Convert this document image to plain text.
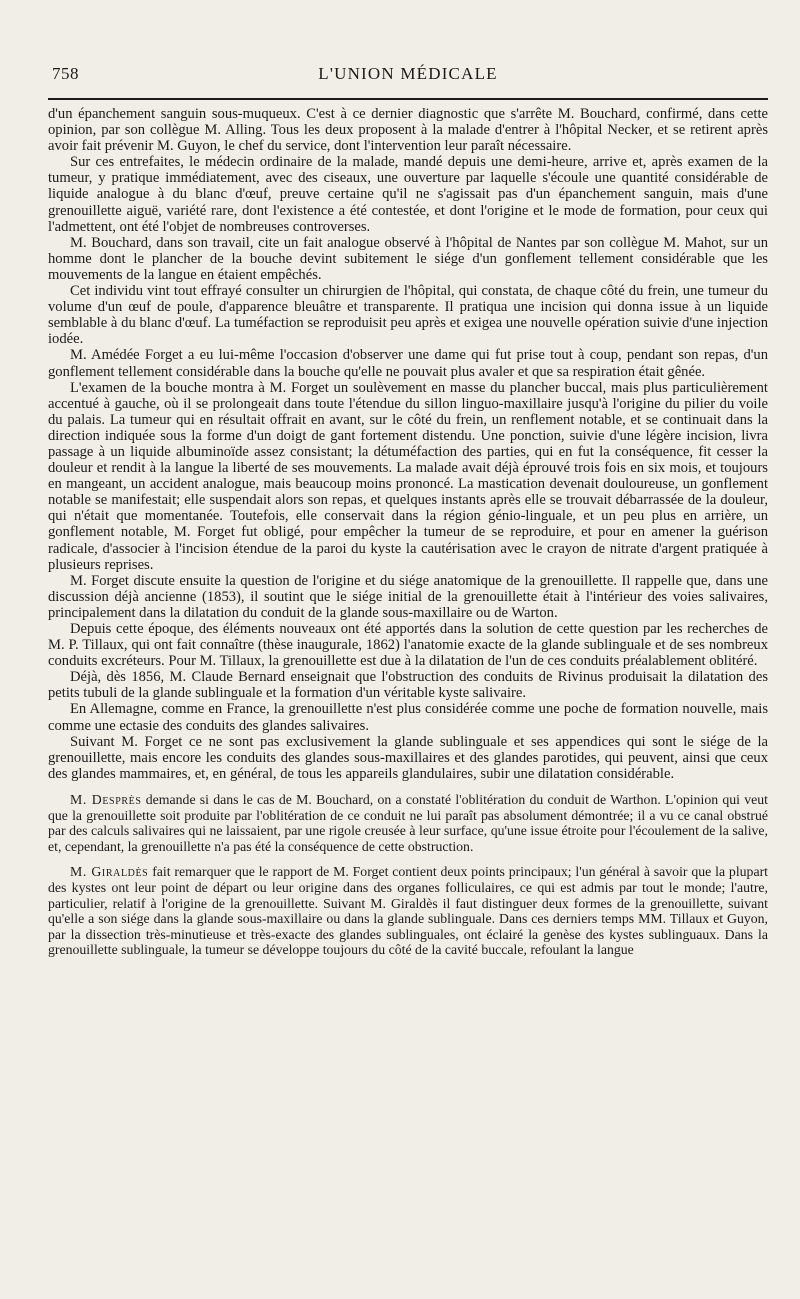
758	L'UNION MÉDICALE

d'un épanchement sanguin sous-muqueux. C'est à ce dernier diagnostic que s'arrête M. Bouchard, confirmé, dans cette opinion, par son collègue M. Alling. Tous les deux proposent à la malade d'entrer à l'hôpital Necker, et se retirent après avoir fait prévenir M. Guyon, le chef du service, dont l'intervention leur paraît nécessaire.

Sur ces entrefaites, le médecin ordinaire de la malade, mandé depuis une demi-heure, arrive et, après examen de la tumeur, y pratique immédiatement, avec des ciseaux, une ouverture par laquelle s'écoule une quantité considérable de liquide analogue à du blanc d'œuf, preuve certaine qu'il ne s'agissait pas d'un épanchement sanguin, mais d'une grenouillette aiguë, variété rare, dont l'existence a été contestée, et dont l'origine et le mode de formation, pour ceux qui l'admettent, ont été l'objet de nombreuses controverses.

M. Bouchard, dans son travail, cite un fait analogue observé à l'hôpital de Nantes par son collègue M. Mahot, sur un homme dont le plancher de la bouche devint subitement le siége d'un gonflement tellement considérable que les mouvements de la langue en étaient empêchés.

Cet individu vint tout effrayé consulter un chirurgien de l'hôpital, qui constata, de chaque côté du frein, une tumeur du volume d'un œuf de poule, d'apparence bleuâtre et transparente. Il pratiqua une incision qui donna issue à un liquide semblable à du blanc d'œuf. La tuméfaction se reproduisit peu après et exigea une nouvelle opération suivie d'une injection iodée.

M. Amédée Forget a eu lui-même l'occasion d'observer une dame qui fut prise tout à coup, pendant son repas, d'un gonflement tellement considérable dans la bouche qu'elle ne pouvait plus avaler et que sa respiration était gênée.

L'examen de la bouche montra à M. Forget un soulèvement en masse du plancher buccal, mais plus particulièrement accentué à gauche, où il se prolongeait dans toute l'étendue du sillon linguo-maxillaire jusqu'à l'origine du pilier du voile du palais. La tumeur qui en résultait offrait en avant, sur le côté du frein, un renflement notable, et se continuait dans la direction indiquée sous la forme d'un doigt de gant fortement distendu. Une ponction, suivie d'une légère incision, livra passage à un liquide albuminoïde assez consistant; la détuméfaction des parties, qui en fut la conséquence, fit cesser la douleur et rendit à la langue la liberté de ses mouvements. La malade avait déjà éprouvé trois fois en six mois, et toujours en mangeant, un accident analogue, mais beaucoup moins prononcé. La mastication devenait douloureuse, un gonflement notable se manifestait; elle suspendait alors son repas, et quelques instants après elle se trouvait débarrassée de la douleur, qui n'était que momentanée. Toutefois, elle conservait dans la région génio-linguale, et un peu plus en arrière, un gonflement notable, M. Forget fut obligé, pour empêcher la tumeur de se reproduire, et pour en amener la guérison radicale, d'associer à l'incision étendue de la paroi du kyste la cautérisation avec le crayon de nitrate d'argent pratiquée à plusieurs reprises.

M. Forget discute ensuite la question de l'origine et du siége anatomique de la grenouillette. Il rappelle que, dans une discussion déjà ancienne (1853), il soutint que le siége initial de la grenouillette était à l'intérieur des voies salivaires, principalement dans la dilatation du conduit de la glande sous-maxillaire ou de Warton.

Depuis cette époque, des éléments nouveaux ont été apportés dans la solution de cette question par les recherches de M. P. Tillaux, qui ont fait connaître (thèse inaugurale, 1862) l'anatomie exacte de la glande sublinguale et de ses nombreux conduits excréteurs. Pour M. Tillaux, la grenouillette est due à la dilatation de l'un de ces conduits préalablement oblitéré.

Déjà, dès 1856, M. Claude Bernard enseignait que l'obstruction des conduits de Rivinus produisait la dilatation des petits tubuli de la glande sublinguale et la formation d'un véritable kyste salivaire.

En Allemagne, comme en France, la grenouillette n'est plus considérée comme une poche de formation nouvelle, mais comme une ectasie des conduits des glandes salivaires.

Suivant M. Forget ce ne sont pas exclusivement la glande sublinguale et ses appendices qui sont le siége de la grenouillette, mais encore les conduits des glandes sous-maxillaires et des glandes parotides, qui peuvent, ainsi que ceux des glandes mammaires, et, en général, de tous les appareils glandulaires, subir une dilatation considérable.

M. Desprès demande si dans le cas de M. Bouchard, on a constaté l'oblitération du conduit de Warthon. L'opinion qui veut que la grenouillette soit produite par l'oblitération de ce conduit ne lui paraît pas absolument démontrée; il a vu ce canal obstrué par des calculs salivaires qui ne laissaient, par une rigole creusée à leur surface, qu'une issue étroite pour l'écoulement de la salive, et, cependant, la grenouillette n'a pas été la conséquence de cette obstruction.

M. Giraldès fait remarquer que le rapport de M. Forget contient deux points principaux; l'un général à savoir que la plupart des kystes ont leur point de départ ou leur origine dans des organes folliculaires, ce qui est admis par tout le monde; l'autre, particulier, relatif à l'origine de la grenouillette. Suivant M. Giraldès il faut distinguer deux formes de la grenouillette, suivant qu'elle a son siége dans la glande sous-maxillaire ou dans la glande sublinguale. Dans ces derniers temps MM. Tillaux et Guyon, par la dissection très-minutieuse et très-exacte des glandes sublinguales, ont éclairé la genèse des kystes sublinguaux. Dans la grenouillette sublinguale, la tumeur se développe toujours du côté de la cavité buccale, refoulant la langue
